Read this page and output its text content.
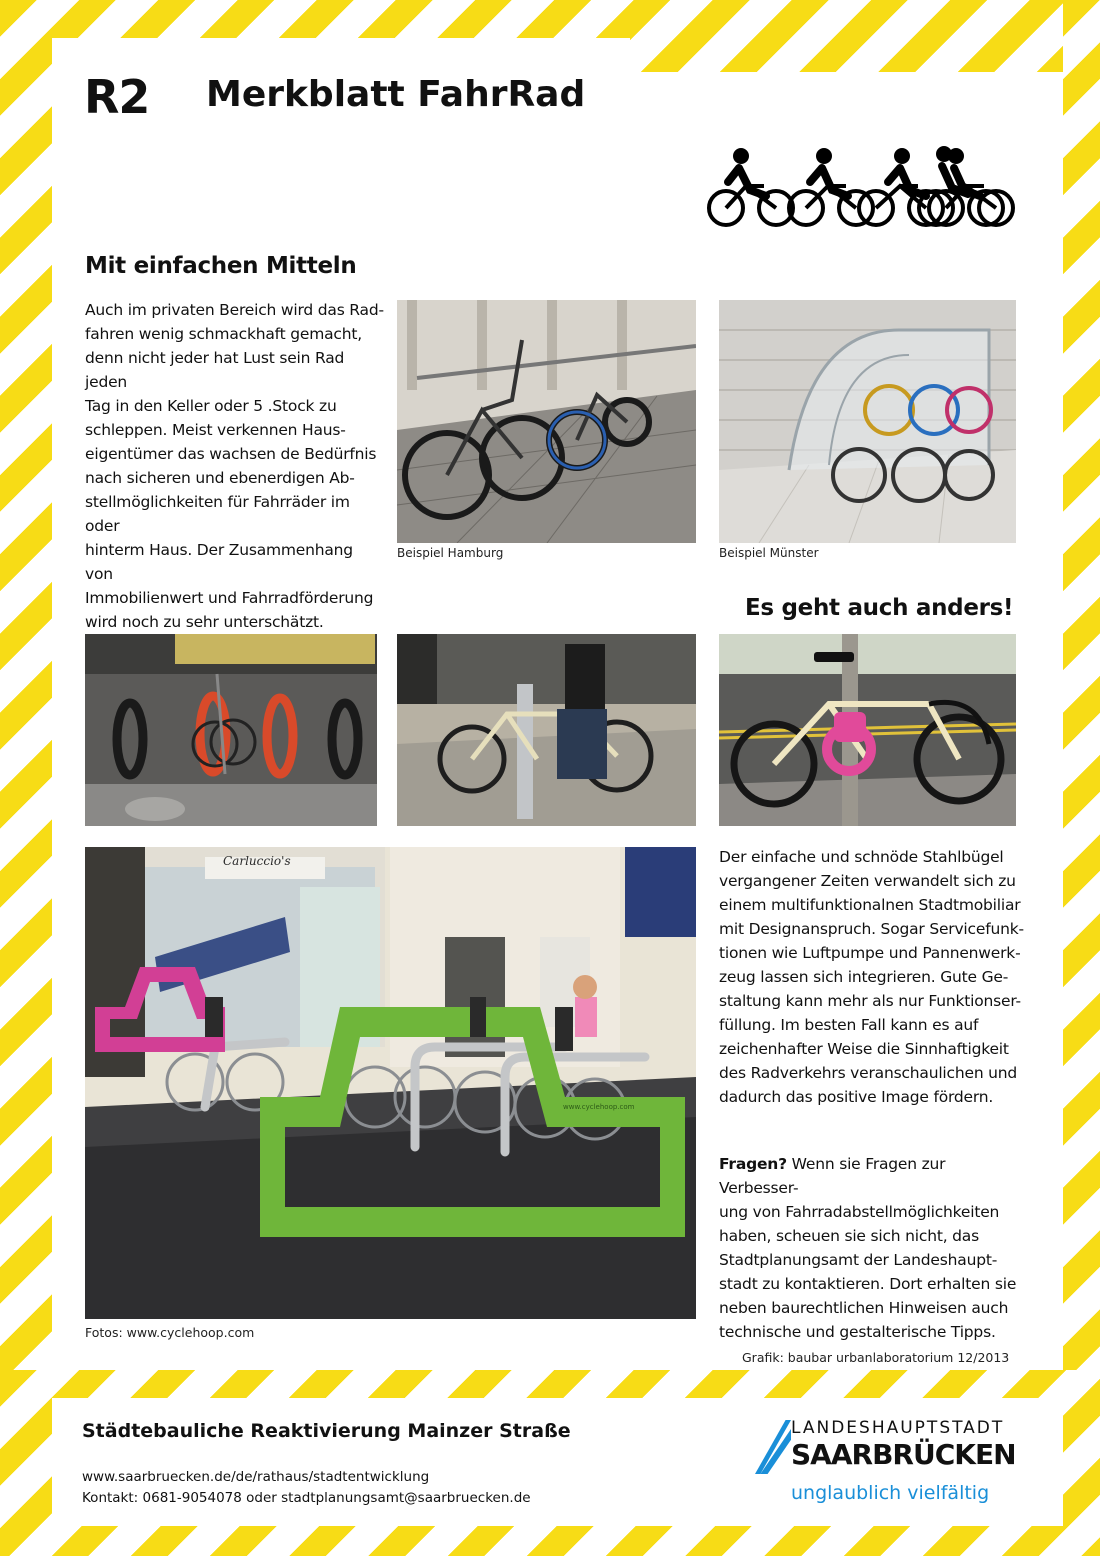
R2 Merkblatt FahrRad
Mit einfachen Mitteln
Auch im privaten Bereich wird das Rad-
fahren wenig schmackhaft gemacht,
denn nicht jeder hat Lust sein Rad jeden
Tag in den Keller oder 5 .Stock zu
schleppen. Meist verkennen Haus-
eigentümer das wachsen de Bedürfnis
nach sicheren und ebenerdigen Ab-
stellmöglichkeiten für Fahrräder im oder
hinterm Haus. Der Zusammenhang von
Immobilienwert und Fahrradförderung
wird noch zu sehr unterschätzt.
Beispiel Hamburg	Beispiel Münster
Es geht auch anders!
Carluccio's
www.cyclehoop.com
Fotos: www.cyclehoop.com
Der einfache und schnöde Stahlbügel
vergangener Zeiten verwandelt sich zu
einem multifunktionalnen Stadtmobiliar
mit Designanspruch. Sogar Servicefunk-
tionen wie Luftpumpe und Pannenwerk-
zeug lassen sich integrieren. Gute Ge-
staltung kann mehr als nur Funktionser-
füllung. Im besten Fall kann es auf
zeichenhafter Weise die Sinnhaftigkeit
des Radverkehrs veranschaulichen und
dadurch das positive Image fördern.
Fragen? Wenn sie Fragen zur Verbesser-
ung von Fahrradabstellmöglichkeiten
haben, scheuen sie sich nicht, das
Stadtplanungsamt der Landeshaupt-
stadt zu kontaktieren. Dort erhalten sie
neben baurechtlichen Hinweisen auch
technische und gestalterische Tipps.
Grafik: baubar urbanlaboratorium 12/2013
Städtebauliche Reaktivierung Mainzer Straße
www.saarbruecken.de/de/rathaus/stadtentwicklung
Kontakt: 0681-9054078 oder stadtplanungsamt@saarbruecken.de
LANDESHAUPTSTADT
SAARBRÜCKEN
unglaublich vielfältig
